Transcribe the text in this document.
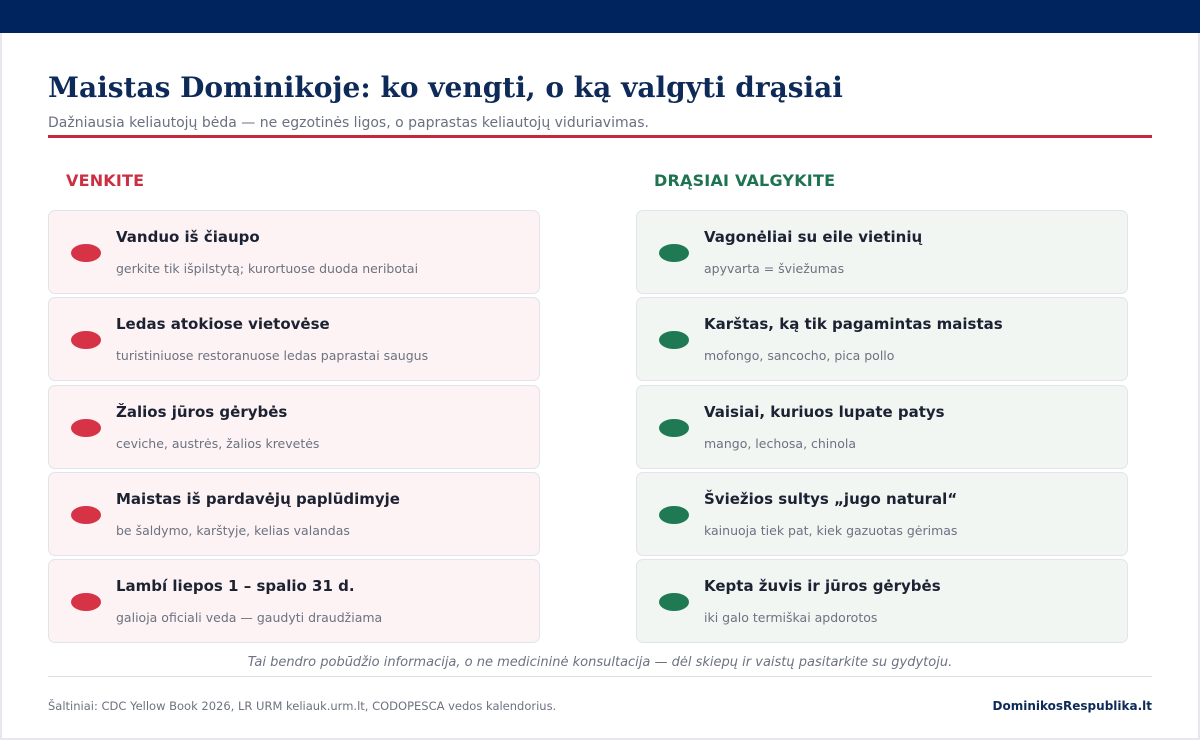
Maistas Dominikoje: ko vengti, o ką valgyti drąsiai

Dažniausia keliautojų bėda — ne egzotinės ligos, o paprastas keliautojų viduriavimas.

VENKITE	DRĄSIAI VALGYKITE
Vanduo iš čiaupo
gerkite tik išpilstytą; kurortuose duoda neribotai
Ledas atokiose vietovėse
turistiniuose restoranuose ledas paprastai saugus
Žalios jūros gėrybės
ceviche, austrės, žalios krevetės
Maistas iš pardavėjų paplūdimyje
be šaldymo, karštyje, kelias valandas
Lambí liepos 1 – spalio 31 d.
galioja oficiali veda — gaudyti draudžiama
Vagonėliai su eile vietinių
apyvarta = šviežumas
Karštas, ką tik pagamintas maistas
mofongo, sancocho, pica pollo
Vaisiai, kuriuos lupate patys
mango, lechosa, chinola
Šviežios sultys „jugo natural“
kainuoja tiek pat, kiek gazuotas gėrimas
Kepta žuvis ir jūros gėrybės
iki galo termiškai apdorotos

Tai bendro pobūdžio informacija, o ne medicininė konsultacija — dėl skiepų ir vaistų pasitarkite su gydytoju.

Šaltiniai: CDC Yellow Book 2026, LR URM keliauk.urm.lt, CODOPESCA vedos kalendorius.	DominikosRespublika.lt
